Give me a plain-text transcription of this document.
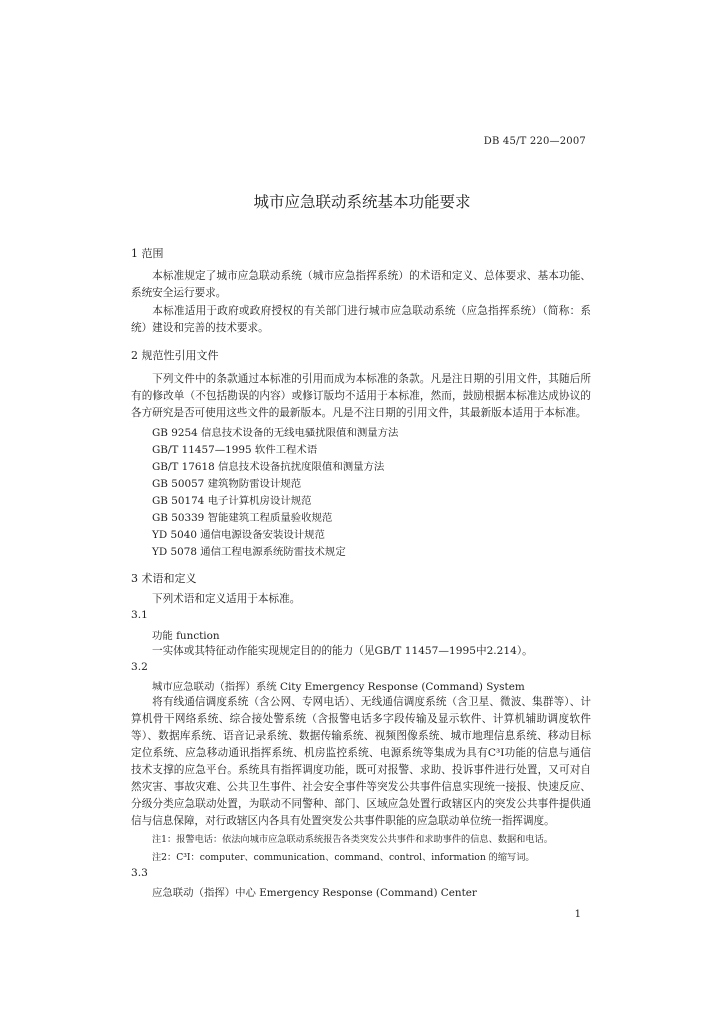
DB 45/T 220—2007
城市应急联动系统基本功能要求
1 范围
本标准规定了城市应急联动系统（城市应急指挥系统）的术语和定义、总体要求、基本功能、系统安全运行要求。
本标准适用于政府或政府授权的有关部门进行城市应急联动系统（应急指挥系统）（简称：系统）建设和完善的技术要求。
2 规范性引用文件
下列文件中的条款通过本标准的引用而成为本标准的条款。凡是注日期的引用文件，其随后所有的修改单（不包括勘误的内容）或修订版均不适用于本标准，然而，鼓励根据本标准达成协议的各方研究是否可使用这些文件的最新版本。凡是不注日期的引用文件，其最新版本适用于本标准。
GB 9254 信息技术设备的无线电骚扰限值和测量方法
GB/T 11457—1995 软件工程术语
GB/T 17618 信息技术设备抗扰度限值和测量方法
GB 50057 建筑物防雷设计规范
GB 50174 电子计算机房设计规范
GB 50339 智能建筑工程质量验收规范
YD 5040 通信电源设备安装设计规范
YD 5078 通信工程电源系统防雷技术规定
3 术语和定义
下列术语和定义适用于本标准。
3.1
功能 function
一实体或其特征动作能实现规定目的的能力（见GB/T 11457—1995中2.214）。
3.2
城市应急联动（指挥）系统 City Emergency Response (Command) System
将有线通信调度系统（含公网、专网电话）、无线通信调度系统（含卫星、微波、集群等）、计算机骨干网络系统、综合接处警系统（含报警电话多字段传输及显示软件、计算机辅助调度软件等）、数据库系统、语音记录系统、数据传输系统、视频图像系统、城市地理信息系统、移动目标定位系统、应急移动通讯指挥系统、机房监控系统、电源系统等集成为具有C³I功能的信息与通信技术支撑的应急平台。系统具有指挥调度功能，既可对报警、求助、投诉事件进行处置，又可对自然灾害、事故灾难、公共卫生事件、社会安全事件等突发公共事件信息实现统一接报、快速反应、分级分类应急联动处置，为联动不同警种、部门、区域应急处置行政辖区内的突发公共事件提供通信与信息保障，对行政辖区内各具有处置突发公共事件职能的应急联动单位统一指挥调度。
注1：报警电话：依法向城市应急联动系统报告各类突发公共事件和求助事件的信息、数据和电话。
注2：C³I：computer、communication、command、control、information 的缩写词。
3.3
应急联动（指挥）中心 Emergency Response (Command) Center
1
